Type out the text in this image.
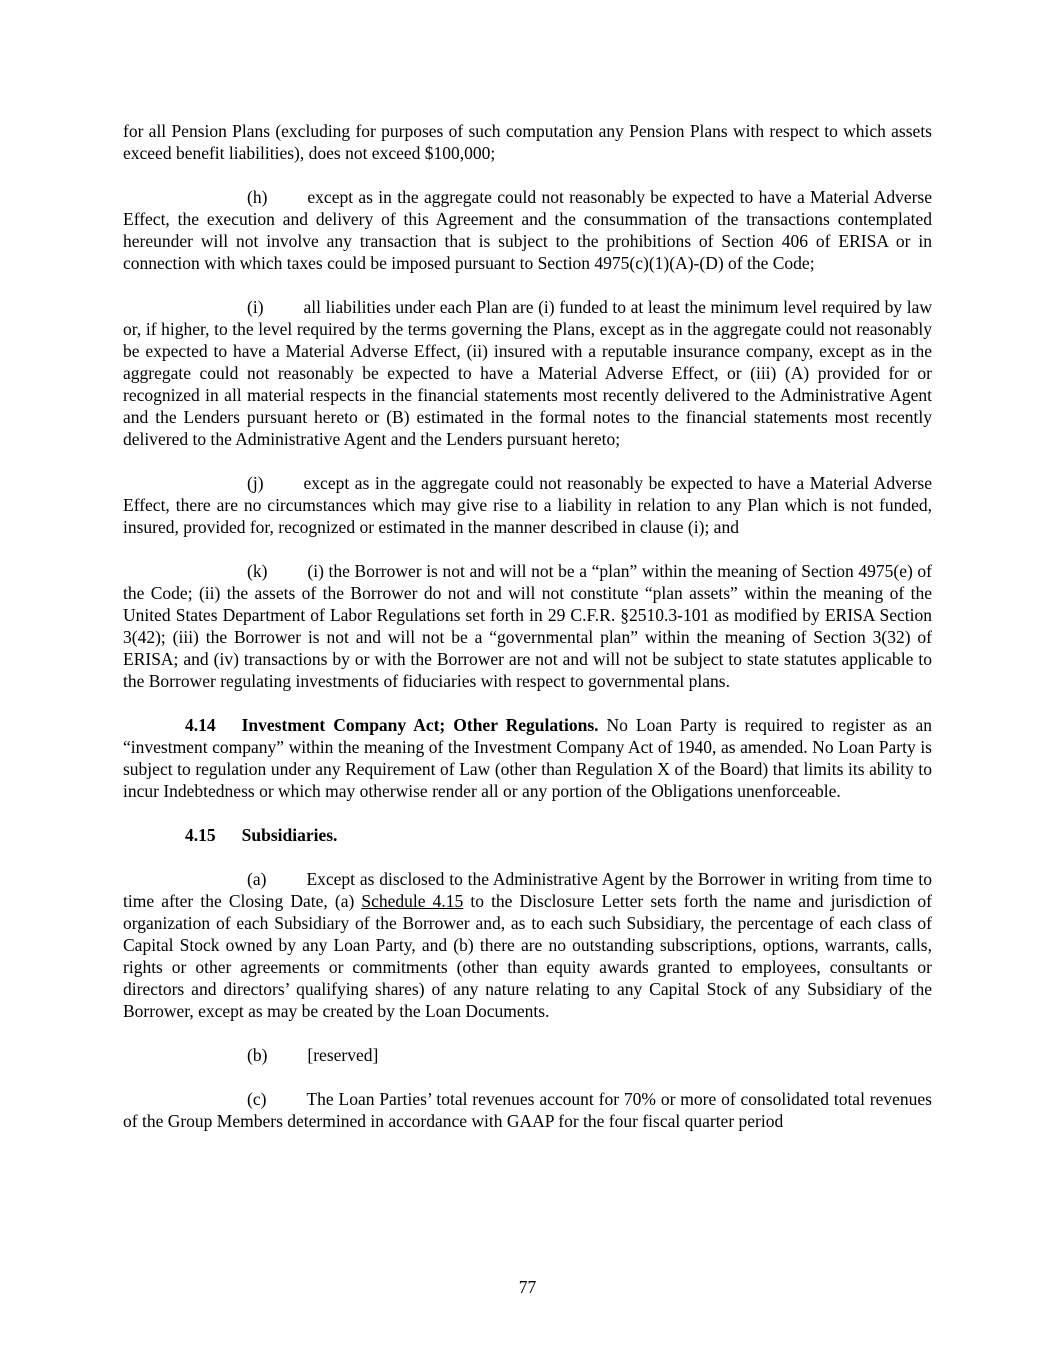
for all Pension Plans (excluding for purposes of such computation any Pension Plans with respect to which assets exceed benefit liabilities), does not exceed $100,000;

(h) except as in the aggregate could not reasonably be expected to have a Material Adverse Effect, the execution and delivery of this Agreement and the consummation of the transactions contemplated hereunder will not involve any transaction that is subject to the prohibitions of Section 406 of ERISA or in connection with which taxes could be imposed pursuant to Section 4975(c)(1)(A)-(D) of the Code;

(i) all liabilities under each Plan are (i) funded to at least the minimum level required by law or, if higher, to the level required by the terms governing the Plans, except as in the aggregate could not reasonably be expected to have a Material Adverse Effect, (ii) insured with a reputable insurance company, except as in the aggregate could not reasonably be expected to have a Material Adverse Effect, or (iii) (A) provided for or recognized in all material respects in the financial statements most recently delivered to the Administrative Agent and the Lenders pursuant hereto or (B) estimated in the formal notes to the financial statements most recently delivered to the Administrative Agent and the Lenders pursuant hereto;

(j) except as in the aggregate could not reasonably be expected to have a Material Adverse Effect, there are no circumstances which may give rise to a liability in relation to any Plan which is not funded, insured, provided for, recognized or estimated in the manner described in clause (i); and

(k) (i) the Borrower is not and will not be a “plan” within the meaning of Section 4975(e) of the Code; (ii) the assets of the Borrower do not and will not constitute “plan assets” within the meaning of the United States Department of Labor Regulations set forth in 29 C.F.R. §2510.3-101 as modified by ERISA Section 3(42); (iii) the Borrower is not and will not be a “governmental plan” within the meaning of Section 3(32) of ERISA; and (iv) transactions by or with the Borrower are not and will not be subject to state statutes applicable to the Borrower regulating investments of fiduciaries with respect to governmental plans.

4.14 Investment Company Act; Other Regulations. No Loan Party is required to register as an “investment company” within the meaning of the Investment Company Act of 1940, as amended. No Loan Party is subject to regulation under any Requirement of Law (other than Regulation X of the Board) that limits its ability to incur Indebtedness or which may otherwise render all or any portion of the Obligations unenforceable.

4.15 Subsidiaries.

(a) Except as disclosed to the Administrative Agent by the Borrower in writing from time to time after the Closing Date, (a) Schedule 4.15 to the Disclosure Letter sets forth the name and jurisdiction of organization of each Subsidiary of the Borrower and, as to each such Subsidiary, the percentage of each class of Capital Stock owned by any Loan Party, and (b) there are no outstanding subscriptions, options, warrants, calls, rights or other agreements or commitments (other than equity awards granted to employees, consultants or directors and directors’ qualifying shares) of any nature relating to any Capital Stock of any Subsidiary of the Borrower, except as may be created by the Loan Documents.

(b) [reserved]

(c) The Loan Parties’ total revenues account for 70% or more of consolidated total revenues of the Group Members determined in accordance with GAAP for the four fiscal quarter period

77
